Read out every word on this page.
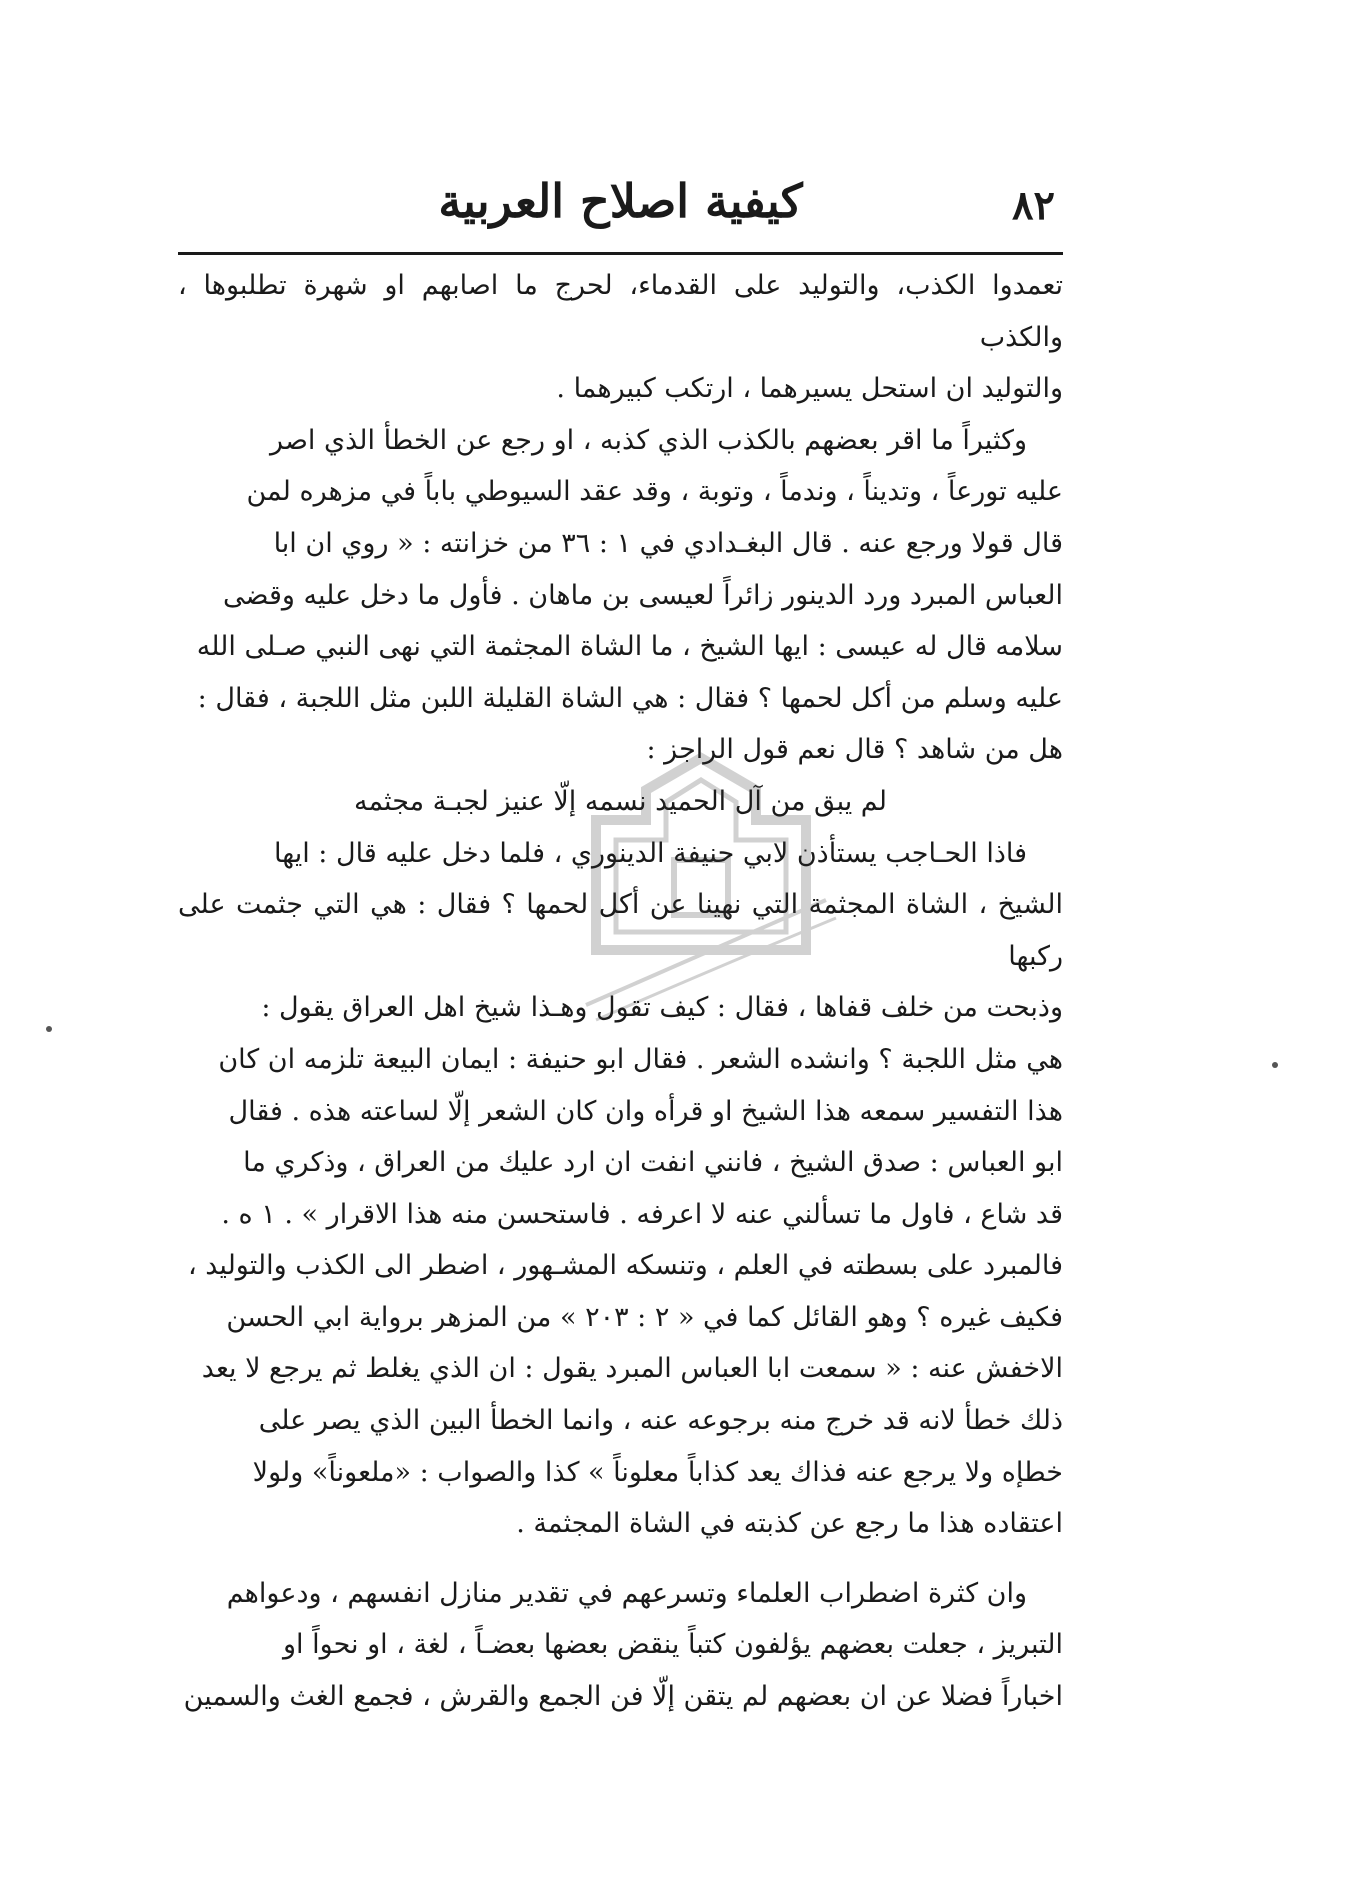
٨٢
كيفية اصلاح العربية

تعمدوا الكذب، والتوليد على القدماء، لحرج ما اصابهم او شهرة تطلبوها ، والكذب

والتوليد ان استحل يسيرهما ، ارتكب كبيرهما .

وكثيراً ما اقر بعضهم بالكذب الذي كذبه ، او رجع عن الخطأ الذي اصر

عليه تورعاً ، وتديناً ، وندماً ، وتوبة ، وقد عقد السيوطي باباً في مزهره لمن

قال قولا ورجع عنه . قال البغـدادي في ١ : ٣٦ من خزانته : « روي ان ابا

العباس المبرد ورد الدينور زائراً لعيسى بن ماهان . فأول ما دخل عليه وقضى

سلامه قال له عيسى : ايها الشيخ ، ما الشاة المجثمة التي نهى النبي صـلى الله

عليه وسلم من أكل لحمها ؟ فقال : هي الشاة القليلة اللبن مثل اللجبة ، فقال :

هل من شاهد ؟ قال نعم قول الراجز :

لم يبق من آل الحميد نسمه إلّا عنيز لجبـة مجثمه

فاذا الحـاجب يستأذن لابي حنيفة الدينوري ، فلما دخل عليه قال : ايها

الشيخ ، الشاة المجثمة التي نهينا عن أكل لحمها ؟ فقال : هي التي جثمت على ركبها

وذبحت من خلف قفاها ، فقال : كيف تقول وهـذا شيخ اهل العراق يقول :

هي مثل اللجبة ؟ وانشده الشعر . فقال ابو حنيفة : ايمان البيعة تلزمه ان كان

هذا التفسير سمعه هذا الشيخ او قرأه وان كان الشعر إلّا لساعته هذه . فقال

ابو العباس : صدق الشيخ ، فانني انفت ان ارد عليك من العراق ، وذكري ما

قد شاع ، فاول ما تسألني عنه لا اعرفه . فاستحسن منه هذا الاقرار » . ١ ه .

فالمبرد على بسطته في العلم ، وتنسكه المشـهور ، اضطر الى الكذب والتوليد ،

فكيف غيره ؟ وهو القائل كما في « ٢ : ٢٠٣ » من المزهر برواية ابي الحسن

الاخفش عنه : « سمعت ابا العباس المبرد يقول : ان الذي يغلط ثم يرجع لا يعد

ذلك خطأ لانه قد خرج منه برجوعه عنه ، وانما الخطأ البين الذي يصر على

خطإه ولا يرجع عنه فذاك يعد كذاباً معلوناً » كذا والصواب : «ملعوناً» ولولا

اعتقاده هذا ما رجع عن كذبته في الشاة المجثمة .

وان كثرة اضطراب العلماء وتسرعهم في تقدير منازل انفسهم ، ودعواهم

التبريز ، جعلت بعضهم يؤلفون كتباً ينقض بعضها بعضـاً ، لغة ، او نحواً او

اخباراً فضلا عن ان بعضهم لم يتقن إلّا فن الجمع والقرش ، فجمع الغث والسمين
